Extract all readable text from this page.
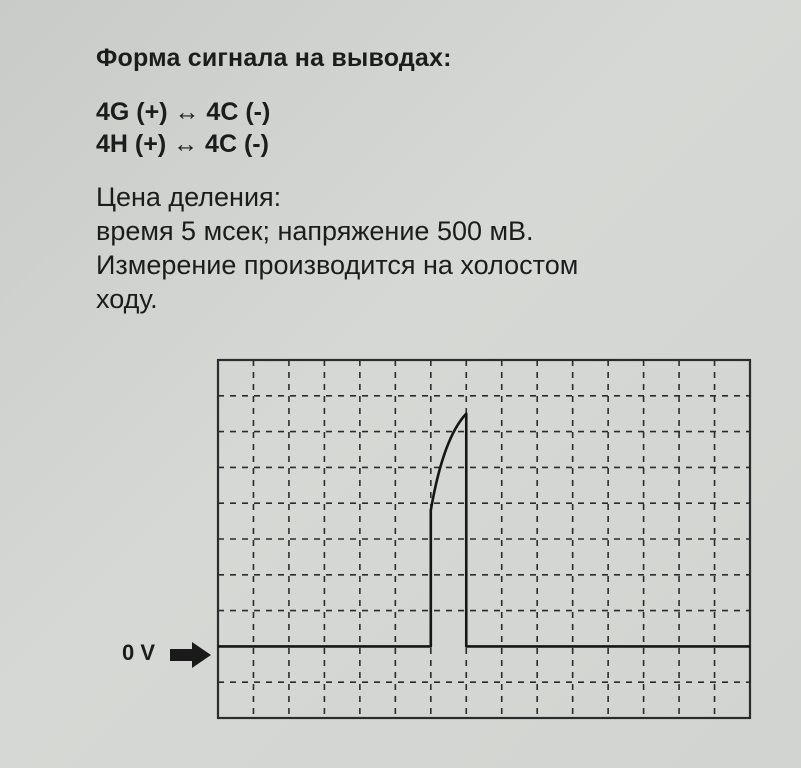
Форма сигнала на выводах:

4G (+) ↔ 4C (-)

4H (+) ↔ 4C (-)

Цена деления:

время 5 мсек; напряжение 500 мВ.

Измерение производится на холостом

ходу.

0 V
